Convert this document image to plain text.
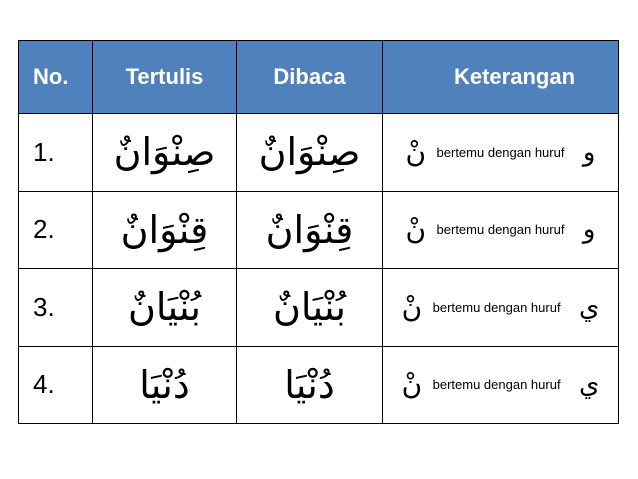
No.	Tertulis	Dibaca	Keterangan
1.	صِنْوَانٌ	صِنْوَانٌ	نْ bertemu dengan huruf و
2.	قِنْوَانٌ	قِنْوَانٌ	نْ bertemu dengan huruf و
3.	بُنْيَانٌ	بُنْيَانٌ	نْ bertemu dengan huruf ي
4.	دُنْيَا	دُنْيَا	نْ bertemu dengan huruf ي
